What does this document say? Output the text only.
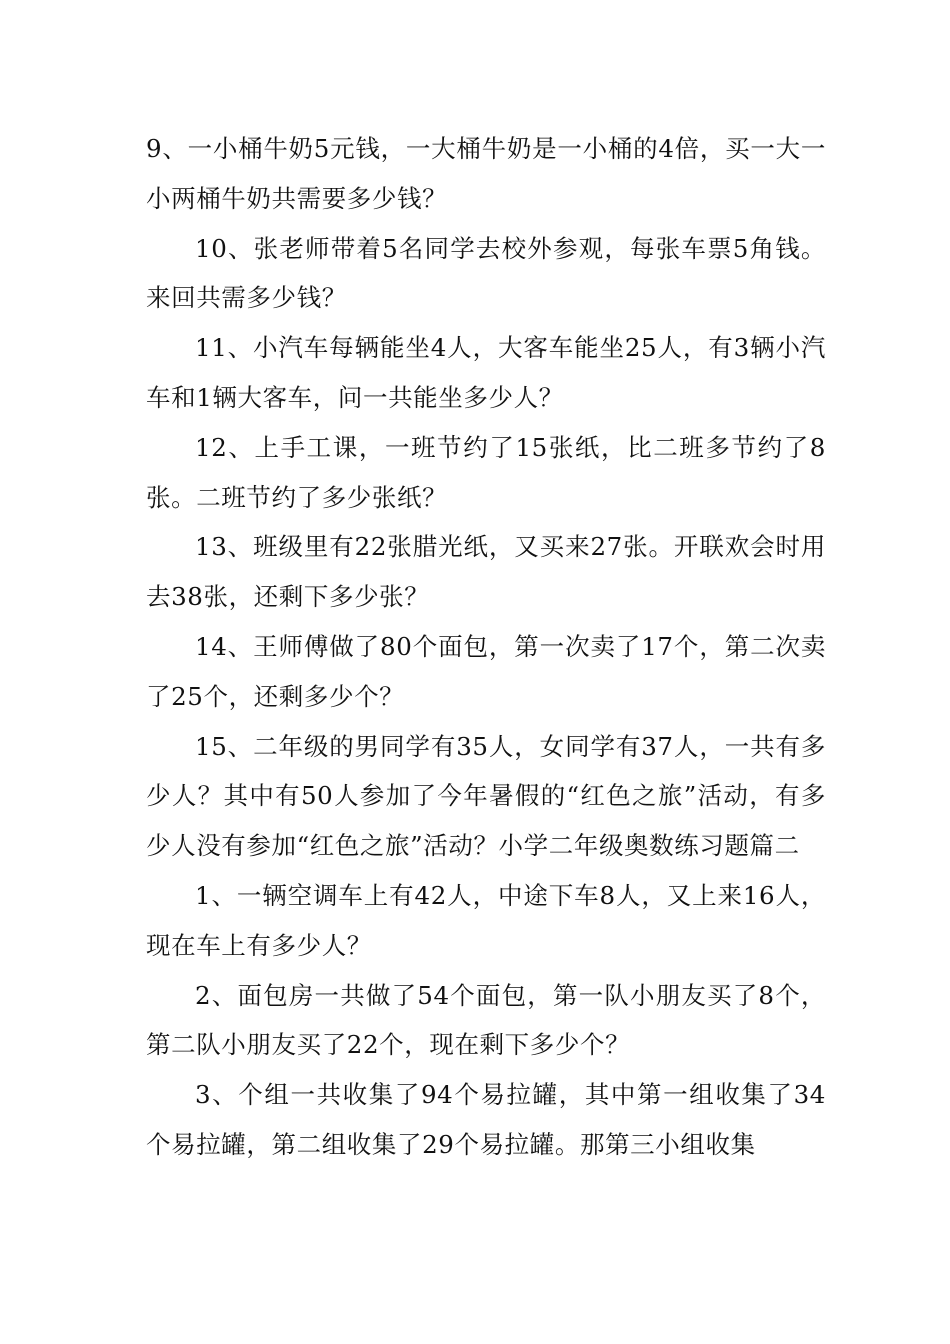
9、一小桶牛奶5元钱，一大桶牛奶是一小桶的4倍，买一大一小两桶牛奶共需要多少钱？

10、张老师带着5名同学去校外参观，每张车票5角钱。来回共需多少钱？

11、小汽车每辆能坐4人，大客车能坐25人，有3辆小汽车和1辆大客车，问一共能坐多少人？

12、上手工课，一班节约了15张纸，比二班多节约了8张。二班节约了多少张纸？

13、班级里有22张腊光纸，又买来27张。开联欢会时用去38张，还剩下多少张？

14、王师傅做了80个面包，第一次卖了17个，第二次卖了25个，还剩多少个？

15、二年级的男同学有35人，女同学有37人，一共有多少人？其中有50人参加了今年暑假的“红色之旅”活动，有多少人没有参加“红色之旅”活动？小学二年级奥数练习题篇二

1、一辆空调车上有42人，中途下车8人，又上来16人，现在车上有多少人？

2、面包房一共做了54个面包，第一队小朋友买了8个，第二队小朋友买了22个，现在剩下多少个？

3、个组一共收集了94个易拉罐，其中第一组收集了34个易拉罐，第二组收集了29个易拉罐。那第三小组收集
